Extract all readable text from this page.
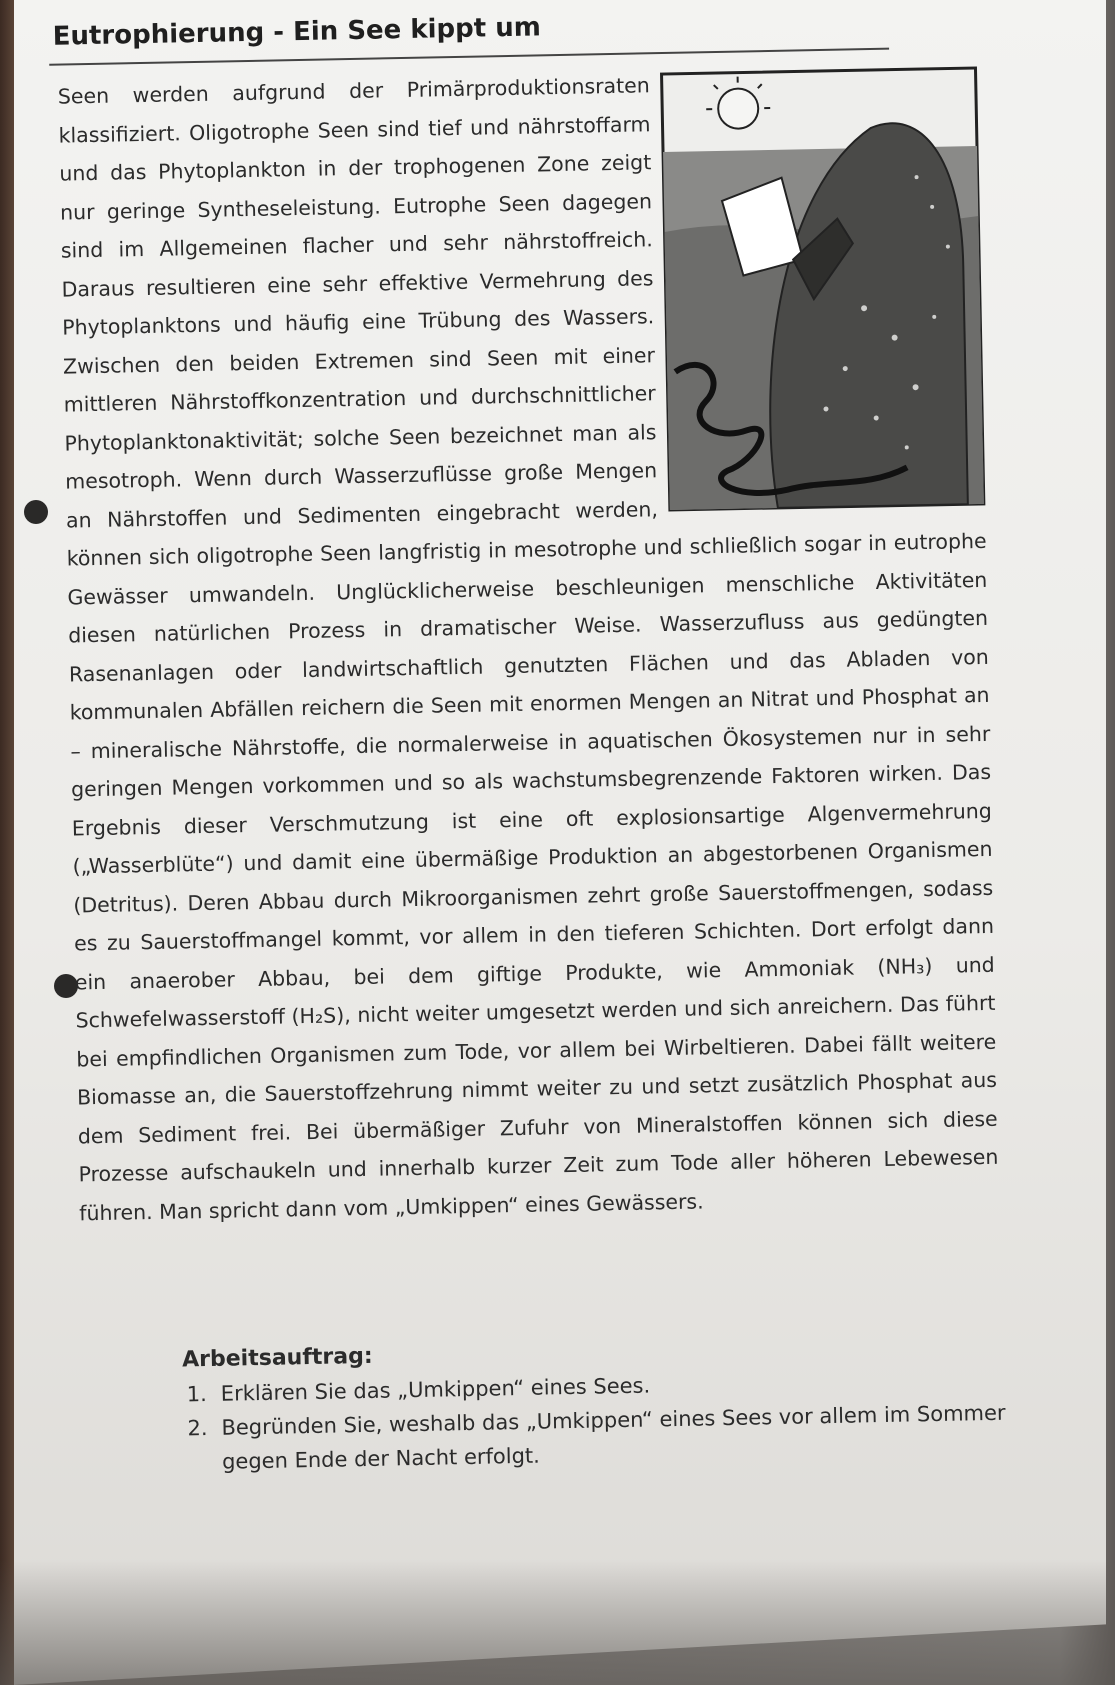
Eutrophierung - Ein See kippt um

Seen werden aufgrund der Primärproduktionsraten klassifiziert. Oligotrophe Seen sind tief und nährstoffarm und das Phytoplankton in der trophogenen Zone zeigt nur geringe Syntheseleistung. Eutrophe Seen dagegen sind im Allgemeinen flacher und sehr nährstoffreich. Daraus resultieren eine sehr effektive Vermehrung des Phytoplanktons und häufig eine Trübung des Wassers. Zwischen den beiden Extremen sind Seen mit einer mittleren Nährstoffkonzentration und durchschnittlicher Phytoplanktonaktivität; solche Seen bezeichnet man als mesotroph. Wenn durch Wasserzuflüsse große Mengen an Nährstoffen und Sedimenten eingebracht werden, können sich oligotrophe Seen langfristig in mesotrophe und schließlich sogar in eutrophe Gewässer umwandeln. Unglücklicherweise beschleunigen menschliche Aktivitäten diesen natürlichen Prozess in dramatischer Weise. Wasserzufluss aus gedüngten Rasenanlagen oder landwirtschaftlich genutzten Flächen und das Abladen von kommunalen Abfällen reichern die Seen mit enormen Mengen an Nitrat und Phosphat an – mineralische Nährstoffe, die normalerweise in aquatischen Ökosystemen nur in sehr geringen Mengen vorkommen und so als wachstumsbegrenzende Faktoren wirken. Das Ergebnis dieser Verschmutzung ist eine oft explosionsartige Algenvermehrung („Wasserblüte“) und damit eine übermäßige Produktion an abgestorbenen Organismen (Detritus). Deren Abbau durch Mikroorganismen zehrt große Sauerstoffmengen, sodass es zu Sauerstoffmangel kommt, vor allem in den tieferen Schichten. Dort erfolgt dann ein anaerober Abbau, bei dem giftige Produkte, wie Ammoniak (NH₃) und Schwefelwasserstoff (H₂S), nicht weiter umgesetzt werden und sich anreichern. Das führt bei empfindlichen Organismen zum Tode, vor allem bei Wirbeltieren. Dabei fällt weitere Biomasse an, die Sauerstoffzehrung nimmt weiter zu und setzt zusätzlich Phosphat aus dem Sediment frei. Bei übermäßiger Zufuhr von Mineralstoffen können sich diese Prozesse aufschaukeln und innerhalb kurzer Zeit zum Tode aller höheren Lebewesen führen. Man spricht dann vom „Umkippen“ eines Gewässers.

Arbeitsauftrag:
1. Erklären Sie das „Umkippen“ eines Sees.
2. Begründen Sie, weshalb das „Umkippen“ eines Sees vor allem im Sommer gegen Ende der Nacht erfolgt.
